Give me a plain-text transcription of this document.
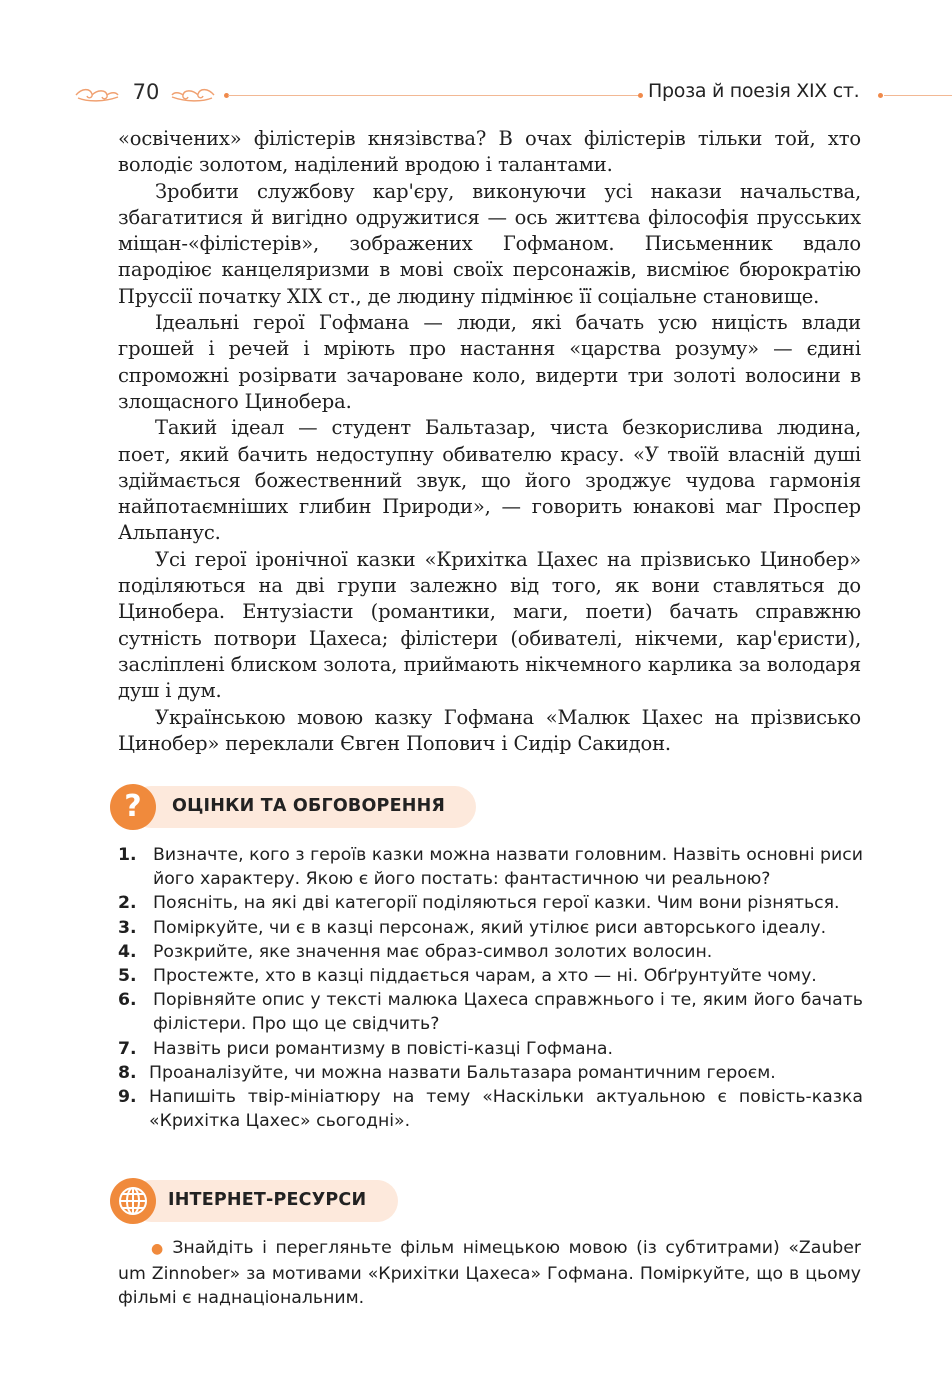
70	Проза й поезія XIX ст.

«освічених» філістерів князівства? В очах філістерів тільки той, хто володіє золотом, наділений вродою і талантами.

Зробити службову кар'єру, виконуючи усі накази начальства, збагатитися й вигідно одружитися — ось життєва філософія прусських міщан-«філістерів», зображених Гофманом. Письменник вдало пародіює канцеляризми в мові своїх персонажів, висміює бюрократію Пруссії початку XIX ст., де людину підмінює її соціальне становище.

Ідеальні герої Гофмана — люди, які бачать усю ницість влади грошей і речей і мріють про настання «царства розуму» — єдині спроможні розірвати зачароване коло, видерти три золоті волосини в злощасного Цинобера.

Такий ідеал — студент Бальтазар, чиста безкорислива людина, поет, який бачить недоступну обивателю красу. «У твоїй власній душі здіймається божественний звук, що його зроджує чудова гармонія найпотаємніших глибин Природи», — говорить юнакові маг Проспер Альпанус.

Усі герої іронічної казки «Крихітка Цахес на прізвисько Цинобер» поділяються на дві групи залежно від того, як вони ставляться до Цинобера. Ентузіасти (романтики, маги, поети) бачать справжню сутність потвори Цахеса; філістери (обивателі, нікчеми, кар'єристи), засліплені блиском золота, приймають нікчемного карлика за володаря душ і дум.

Українською мовою казку Гофмана «Малюк Цахес на прізвисько Цинобер» переклали Євген Попович і Сидір Сакидон.

?	ОЦІНКИ ТА ОБГОВОРЕННЯ
1. Визначте, кого з героїв казки можна назвати головним. Назвіть основні риси його характеру. Якою є його постать: фантастичною чи реальною?
2. Поясніть, на які дві категорії поділяються герої казки. Чим вони різняться.
3. Поміркуйте, чи є в казці персонаж, який утілює риси авторського ідеалу.
4. Розкрийте, яке значення має образ-символ золотих волосин.
5. Простежте, хто в казці піддається чарам, а хто — ні. Обґрунтуйте чому.
6. Порівняйте опис у тексті малюка Цахеса справжнього і те, яким його бачать філістери. Про що це свідчить?
7. Назвіть риси романтизму в повісті-казці Гофмана.
8. Проаналізуйте, чи можна назвати Бальтазара романтичним героєм.
9. Напишіть твір-мініатюру на тему «Наскільки актуальною є повість-казка «Крихітка Цахес» сьогодні».
ІНТЕРНЕТ-РЕСУРСИ

● Знайдіть і перегляньте фільм німецькою мовою (із субтитрами) «Zauber um Zinnober» за мотивами «Крихітки Цахеса» Гофмана. Поміркуйте, що в цьому фільмі є наднаціональним.
